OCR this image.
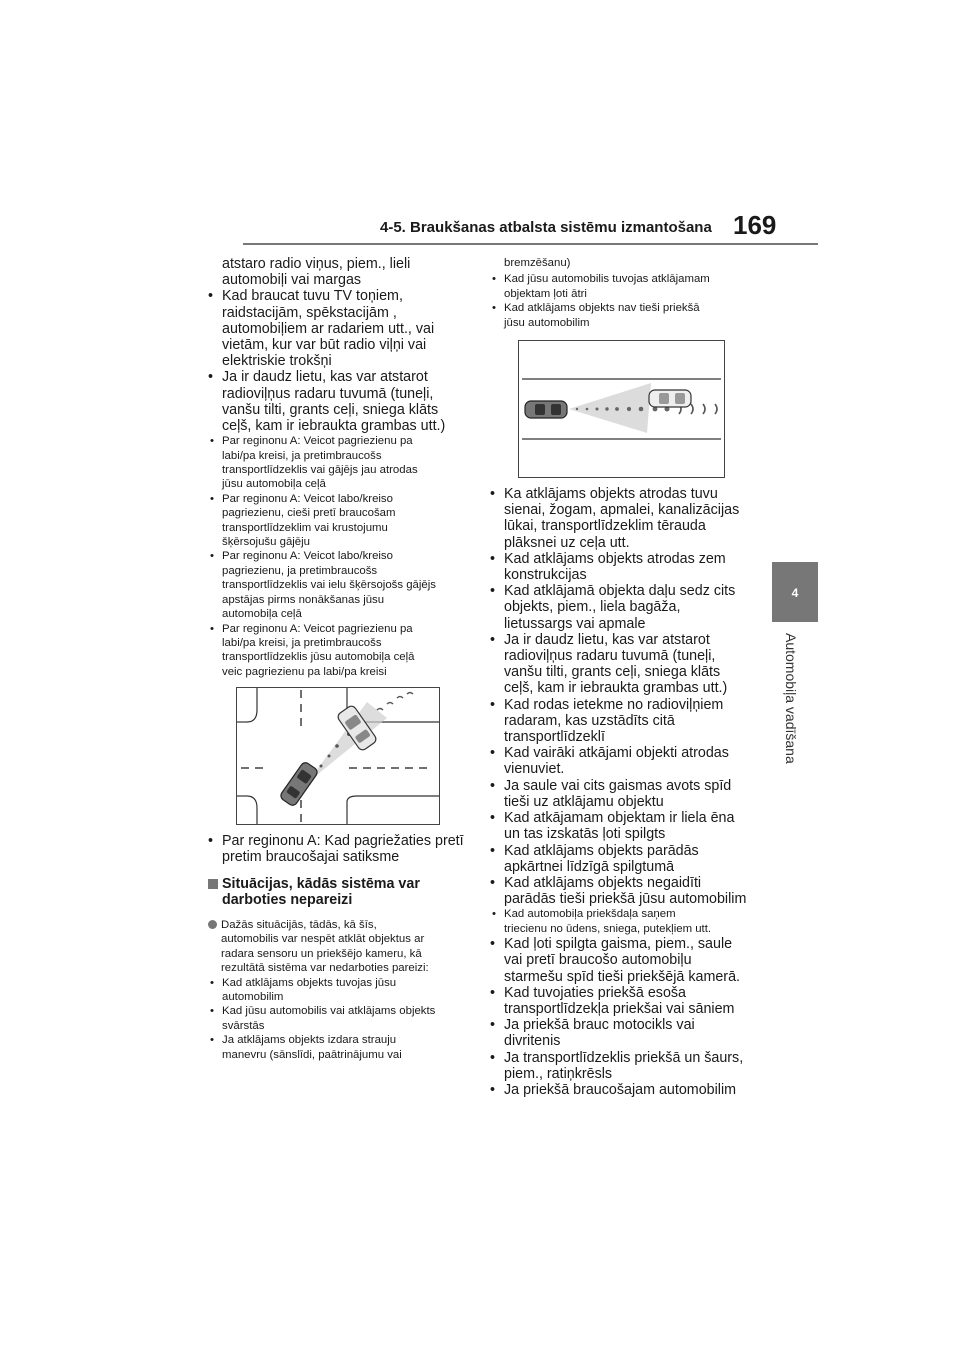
4-5. Braukšanas atbalsta sistēmu izmantošana 169
4
Automobiļa vadīšana
atstaro radio viņus, piem., lieli
automobiļi vai margas
• Kad braucat tuvu TV toņiem,
raidstacijām, spēkstacijām ,
automobiļiem ar radariem utt., vai
vietām, kur var būt radio viļņi vai
elektriskie trokšņi
• Ja ir daudz lietu, kas var atstarot
radioviļņus radaru tuvumā (tuneļi,
vanšu tilti, grants ceļi, sniega klāts
ceļš, kam ir iebraukta grambas utt.)
• Par reginonu A: Veicot pagriezienu pa
labi/pa kreisi, ja pretimbraucošs
transportlīdzeklis vai gājējs jau atrodas
jūsu automobiļa ceļā
• Par reginonu A: Veicot labo/kreiso
pagriezienu, cieši pretī braucošam
transportlīdzeklim vai krustojumu
šķērsojušu gājēju
• Par reginonu A: Veicot labo/kreiso
pagriezienu, ja pretimbraucošs
transportlīdzeklis vai ielu šķērsojošs gājējs
apstājas pirms nonākšanas jūsu
automobiļa ceļā
• Par reginonu A: Veicot pagriezienu pa
labi/pa kreisi, ja pretimbraucošs
transportlīdzeklis jūsu automobiļa ceļā
veic pagriezienu pa labi/pa kreisi
• Par reginonu A: Kad pagriežaties pretī
pretim braucošajai satiksme
Situācijas, kādās sistēma var
darboties nepareizi
Dažās situācijās, tādās, kā šīs,
automobilis var nespēt atklāt objektus ar
radara sensoru un priekšējo kameru, kā
rezultātā sistēma var nedarboties pareizi:
• Kad atklājams objekts tuvojas jūsu
automobilim
• Kad jūsu automobilis vai atklājams objekts
svārstās
• Ja atklājams objekts izdara strauju
manevru (sānslīdi, paātrinājumu vai
bremzēšanu)
• Kad jūsu automobilis tuvojas atklājamam
objektam ļoti ātri
• Kad atklājams objekts nav tieši priekšā
jūsu automobilim
• Ka atklājams objekts atrodas tuvu
sienai, žogam, apmalei, kanalizācijas
lūkai, transportlīdzeklim tērauda
plāksnei uz ceļa utt.
• Kad atklājams objekts atrodas zem
konstrukcijas
• Kad atklājamā objekta daļu sedz cits
objekts, piem., liela bagāža,
lietussargs vai apmale
• Ja ir daudz lietu, kas var atstarot
radioviļņus radaru tuvumā (tuneļi,
vanšu tilti, grants ceļi, sniega klāts
ceļš, kam ir iebraukta grambas utt.)
• Kad rodas ietekme no radioviļņiem
radaram, kas uzstādīts citā
transportlīdzeklī
• Kad vairāki atkājami objekti atrodas
vienuviet.
• Ja saule vai cits gaismas avots spīd
tieši uz atklājamu objektu
• Kad atkājamam objektam ir liela ēna
un tas izskatās ļoti spilgts
• Kad atklājams objekts parādās
apkārtnei līdzīgā spilgtumā
• Kad atklājams objekts negaidīti
parādās tieši priekšā jūsu automobilim
• Kad automobiļa priekšdaļa saņem
triecienu no ūdens, sniega, putekļiem utt.
• Kad ļoti spilgta gaisma, piem., saule
vai pretī braucošo automobiļu
starmešu spīd tieši priekšējā kamerā.
• Kad tuvojaties priekšā esoša
transportlīdzekļa priekšai vai sāniem
• Ja priekšā brauc motocikls vai
divritenis
• Ja transportlīdzeklis priekšā un šaurs,
piem., ratiņkrēsls
• Ja priekšā braucošajam automobilim
